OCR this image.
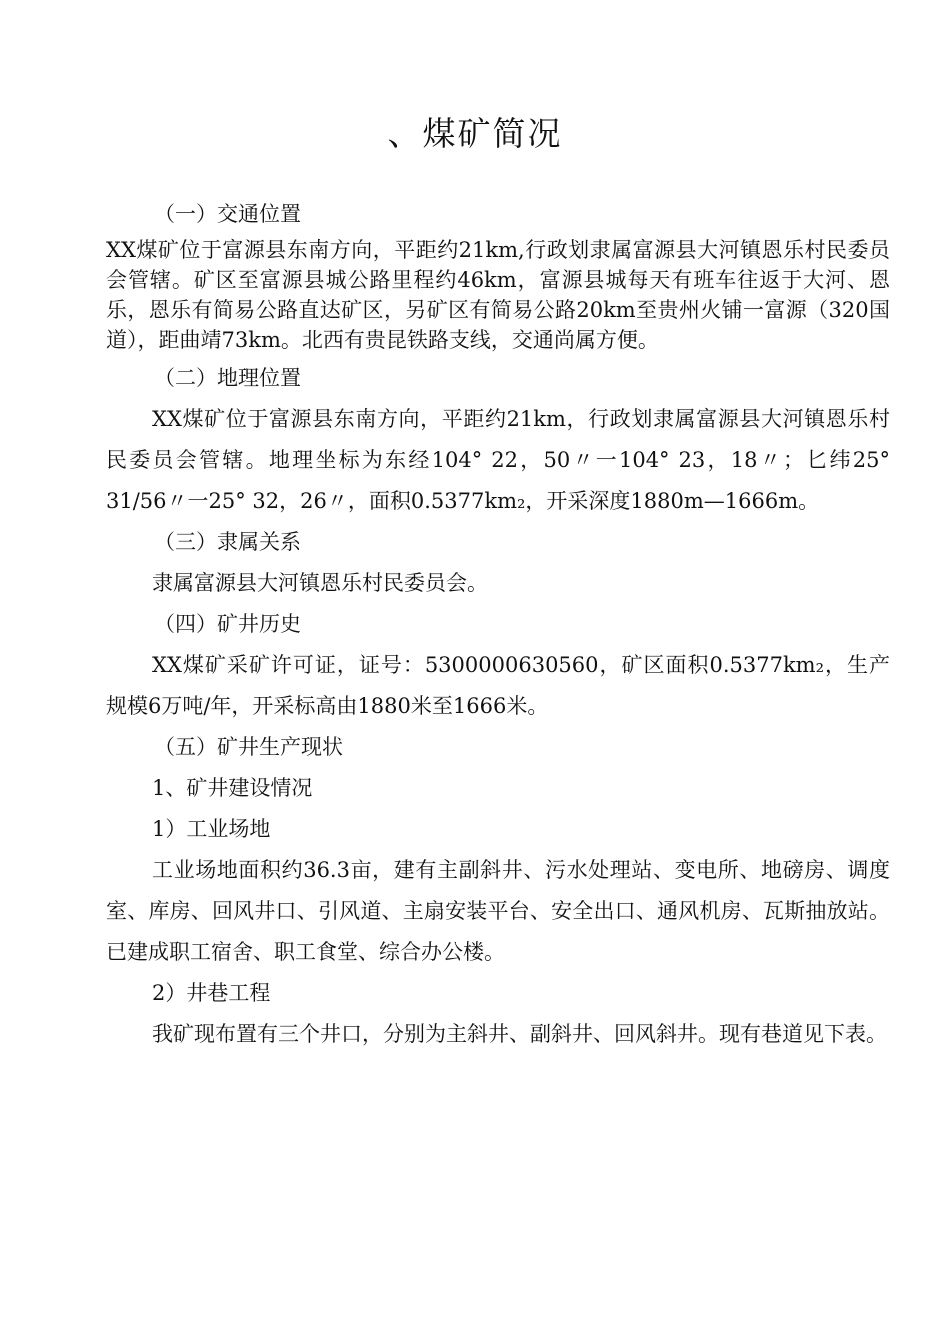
、煤矿简况

（一）交通位置

XX煤矿位于富源县东南方向，平距约21km,行政划隶属富源县大河镇恩乐村民委员会管辖。矿区至富源县城公路里程约46km，富源县城每天有班车往返于大河、恩乐，恩乐有简易公路直达矿区，另矿区有简易公路20km至贵州火铺一富源（320国道），距曲靖73km。北西有贵昆铁路支线，交通尚属方便。

（二）地理位置

XX煤矿位于富源县东南方向，平距约21km，行政划隶属富源县大河镇恩乐村民委员会管辖。地理坐标为东经104° 22，50〃一104° 23，18〃；匕纬25° 31/56〃一25° 32，26〃，面积0.5377km₂，开采深度1880m—1666m。

（三）隶属关系

隶属富源县大河镇恩乐村民委员会。

（四）矿井历史

XX煤矿采矿许可证，证号：5300000630560，矿区面积0.5377km₂，生产规模6万吨/年，开采标高由1880米至1666米。

（五）矿井生产现状

1、矿井建设情况

1）工业场地

工业场地面积约36.3亩，建有主副斜井、污水处理站、变电所、地磅房、调度室、库房、回风井口、引风道、主扇安装平台、安全出口、通风机房、瓦斯抽放站。已建成职工宿舍、职工食堂、综合办公楼。

2）井巷工程

我矿现布置有三个井口，分别为主斜井、副斜井、回风斜井。现有巷道见下表。
